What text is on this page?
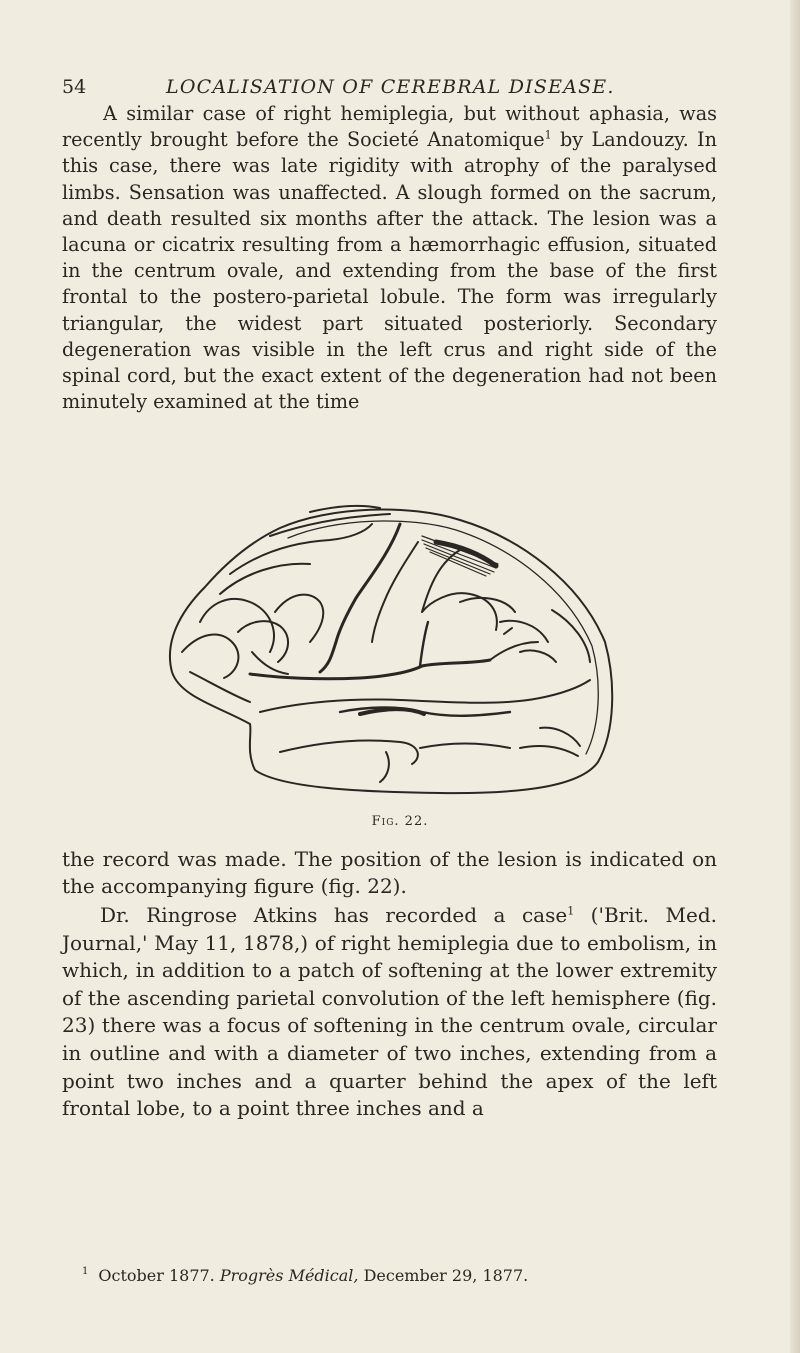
54	LOCALISATION OF CEREBRAL DISEASE.

A similar case of right hemiplegia, but without aphasia, was recently brought before the Societé Anatomique$^1$ by Landouzy. In this case, there was late rigidity with atrophy of the paralysed limbs. Sensation was unaffected. A slough formed on the sacrum, and death resulted six months after the attack. The lesion was a lacuna or cicatrix resulting from a hæmorrhagic effusion, situated in the centrum ovale, and extending from the base of the first frontal to the postero-parietal lobule. The form was irregularly triangular, the widest part situated posteriorly. Secondary degeneration was visible in the left crus and right side of the spinal cord, but the exact extent of the degeneration had not been minutely examined at the time

Fig. 22.

the record was made. The position of the lesion is indicated on the accompanying figure (fig. 22).

Dr. Ringrose Atkins has recorded a case$^1$ ('Brit. Med. Journal,' May 11, 1878,) of right hemiplegia due to embolism, in which, in addition to a patch of softening at the lower extremity of the ascending parietal convolution of the left hemisphere (fig. 23) there was a focus of softening in the centrum ovale, circular in outline and with a diameter of two inches, extending from a point two inches and a quarter behind the apex of the left frontal lobe, to a point three inches and a

$^1$ October 1877. Progrès Médical, December 29, 1877.
